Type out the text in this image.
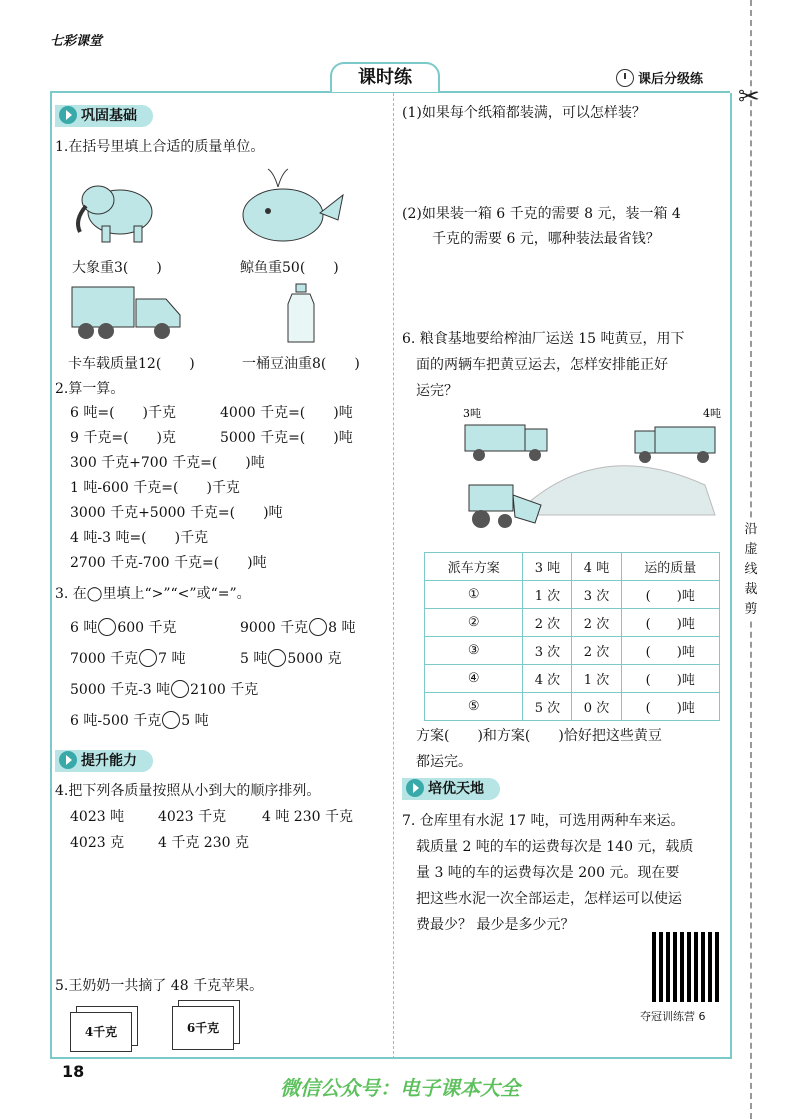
✂
沿虚线裁剪
七彩课堂
课时练	课后分级练
巩固基础
1.在括号里填上合适的质量单位。
大象重3(　　)	鲸鱼重50(　　)
卡车载质量12(　　)	一桶豆油重8(　　)
2.算一算。
6 吨=(　　)千克	4000 千克=(　　)吨
9 千克=(　　)克	5000 千克=(　　)吨
300 千克+700 千克=(　　)吨
1 吨-600 千克=(　　)千克
3000 千克+5000 千克=(　　)吨
4 吨-3 吨=(　　)千克
2700 千克-700 千克=(　　)吨
3. 在◯里填上“>”“<”或“=”。
6 吨 600 千克	9000 千克 8 吨
7000 千克 7 吨	5 吨 5000 克
5000 千克-3 吨 2100 千克
6 吨-500 千克 5 吨
提升能力
4.把下列各质量按照从小到大的顺序排列。
4023 吨 4023 千克	4 吨 230 千克
4023 克 4 千克 230 克
5.王奶奶一共摘了 48 千克苹果。
4千克	6千克
(1)如果每个纸箱都装满，可以怎样装？
(2)如果装一箱 6 千克的需要 8 元，装一箱 4
千克的需要 6 元，哪种装法最省钱？
6. 粮食基地要给榨油厂运送 15 吨黄豆，用下
面的两辆车把黄豆运去，怎样安排能正好
运完？
3吨	4吨
派车方案	3 吨	4 吨	运的质量
①	1 次	3 次	(　　)吨
②	2 次	2 次	(　　)吨
③	3 次	2 次	(　　)吨
④	4 次	1 次	(　　)吨
⑤	5 次	0 次	(　　)吨
方案(　　)和方案(　　)恰好把这些黄豆
都运完。
培优天地
7. 仓库里有水泥 17 吨，可选用两种车来运。
载质量 2 吨的车的运费每次是 140 元，载质
量 3 吨的车的运费每次是 200 元。现在要
把这些水泥一次全部运走，怎样运可以使运
费最少？ 最少是多少元？
夺冠训练营 6
18
微信公众号：电子课本大全
